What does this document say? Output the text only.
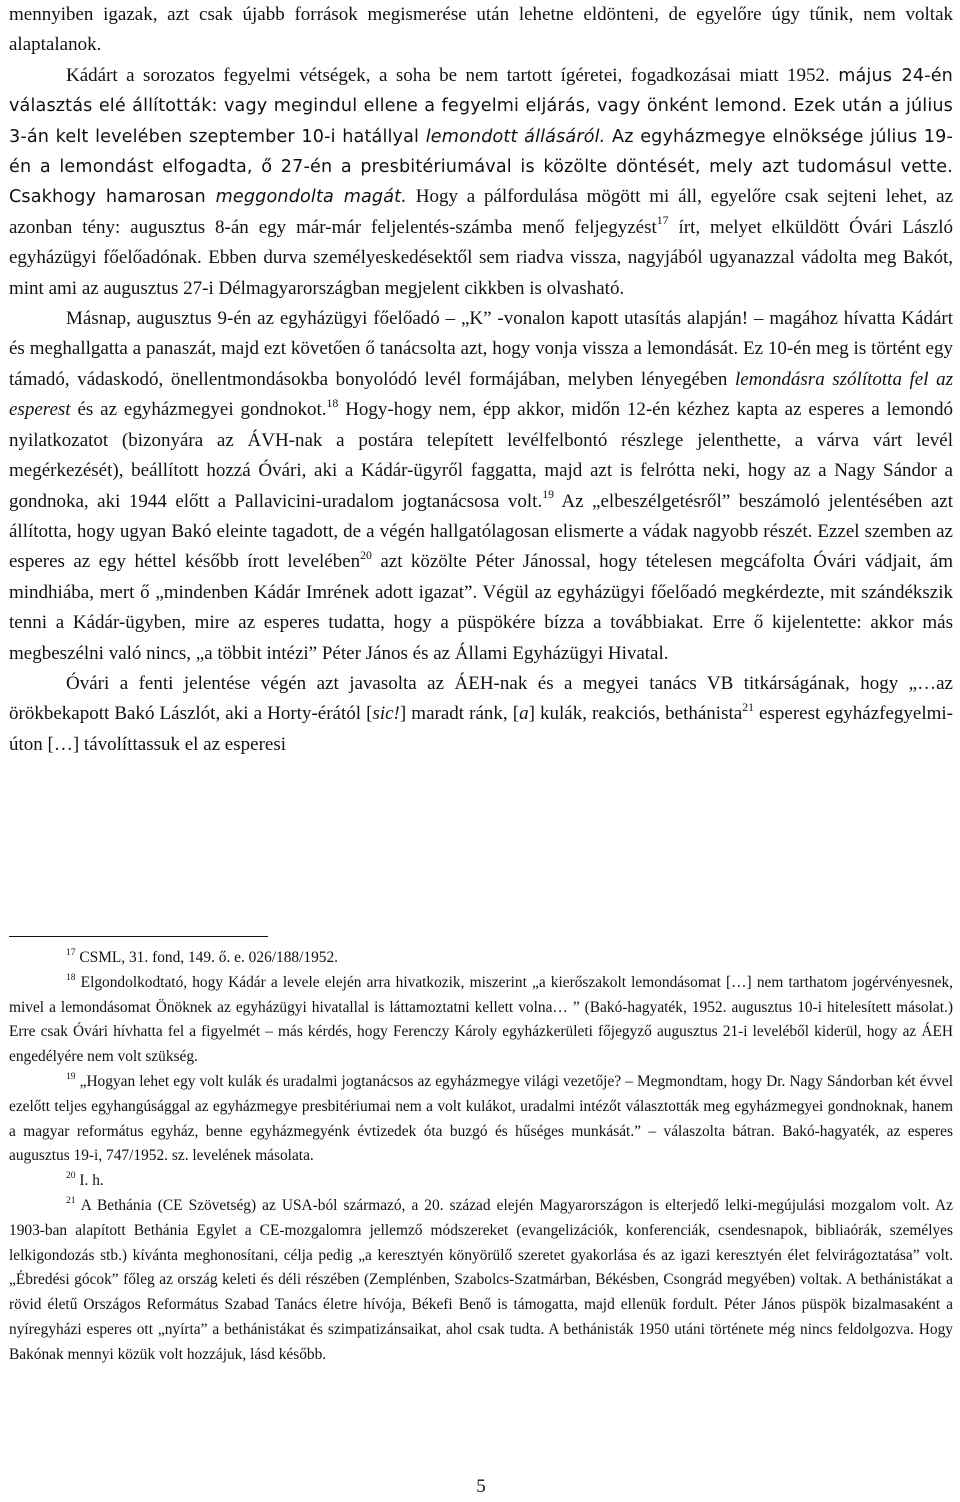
mennyiben igazak, azt csak újabb források megismerése után lehetne eldönteni, de egyelőre úgy tűnik, nem voltak alaptalanok.

Kádárt a sorozatos fegyelmi vétségek, a soha be nem tartott ígéretei, fogadkozásai miatt 1952. május 24-én választás elé állították: vagy megindul ellene a fegyelmi eljárás, vagy önként lemond. Ezek után a július 3-án kelt levelében szeptember 10-i hatállyal lemondott állásáról. Az egyházmegye elnöksége július 19-én a lemondást elfogadta, ő 27-én a presbitériumával is közölte döntését, mely azt tudomásul vette. Csakhogy hamarosan meggondolta magát. Hogy a pálfordulása mögött mi áll, egyelőre csak sejteni lehet, az azonban tény: augusztus 8-án egy már-már feljelentés-számba menő feljegyzést$^{17}$ írt, melyet elküldött Óvári László egyházügyi főelőadónak. Ebben durva személyeskedésektől sem riadva vissza, nagyjából ugyanazzal vádolta meg Bakót, mint ami az augusztus 27-i Délmagyarországban megjelent cikkben is olvasható.

Másnap, augusztus 9-én az egyházügyi főelőadó – „K” -vonalon kapott utasítás alapján! – magához hívatta Kádárt és meghallgatta a panaszát, majd ezt követően ő tanácsolta azt, hogy vonja vissza a lemondását. Ez 10-én meg is történt egy támadó, vádaskodó, önellentmondásokba bonyolódó levél formájában, melyben lényegében lemondásra szólította fel az esperest és az egyházmegyei gondnokot.$^{18}$ Hogy-hogy nem, épp akkor, midőn 12-én kézhez kapta az esperes a lemondó nyilatkozatot (bizonyára az ÁVH-nak a postára telepített levélfelbontó részlege jelenthette, a várva várt levél megérkezését), beállított hozzá Óvári, aki a Kádár-ügyről faggatta, majd azt is felrótta neki, hogy az a Nagy Sándor a gondnoka, aki 1944 előtt a Pallavicini-uradalom jogtanácsosa volt.$^{19}$ Az „elbeszélgetésről” beszámoló jelentésében azt állította, hogy ugyan Bakó eleinte tagadott, de a végén hallgatólagosan elismerte a vádak nagyobb részét. Ezzel szemben az esperes az egy héttel később írott levelében$^{20}$ azt közölte Péter Jánossal, hogy tételesen megcáfolta Óvári vádjait, ám mindhiába, mert ő „mindenben Kádár Imrének adott igazat”. Végül az egyházügyi főelőadó megkérdezte, mit szándékszik tenni a Kádár-ügyben, mire az esperes tudatta, hogy a püspökére bízza a továbbiakat. Erre ő kijelentette: akkor más megbeszélni való nincs, „a többit intézi” Péter János és az Állami Egyházügyi Hivatal.

Óvári a fenti jelentése végén azt javasolta az ÁEH-nak és a megyei tanács VB titkárságának, hogy „…az örökbekapott Bakó Lászlót, aki a Horty-érától [sic!] maradt ránk, [a] kulák, reakciós, bethánista$^{21}$ esperest egyházfegyelmi-úton […] távolíttassuk el az esperesi

$^{17}$ CSML, 31. fond, 149. ő. e. 026/188/1952.

$^{18}$ Elgondolkodtató, hogy Kádár a levele elején arra hivatkozik, miszerint „a kierőszakolt lemondásomat […] nem tarthatom jogérvényesnek, mivel a lemondásomat Önöknek az egyházügyi hivatallal is láttamoztatni kellett volna… ” (Bakó-hagyaték, 1952. augusztus 10-i hitelesített másolat.) Erre csak Óvári hívhatta fel a figyelmét – más kérdés, hogy Ferenczy Károly egyházkerületi főjegyző augusztus 21-i leveléből kiderül, hogy az ÁEH engedélyére nem volt szükség.

$^{19}$ „Hogyan lehet egy volt kulák és uradalmi jogtanácsos az egyházmegye világi vezetője? – Megmondtam, hogy Dr. Nagy Sándorban két évvel ezelőtt teljes egyhangúsággal az egyházmegye presbitériumai nem a volt kulákot, uradalmi intézőt választották meg egyházmegyei gondnoknak, hanem a magyar református egyház, benne egyházmegyénk évtizedek óta buzgó és hűséges munkását.” – válaszolta bátran. Bakó-hagyaték, az esperes augusztus 19-i, 747/1952. sz. levelének másolata.

$^{20}$ I. h.

$^{21}$ A Bethánia (CE Szövetség) az USA-ból származó, a 20. század elején Magyarországon is elterjedő lelki-megújulási mozgalom volt. Az 1903-ban alapított Bethánia Egylet a CE-mozgalomra jellemző módszereket (evangelizációk, konferenciák, csendesnapok, bibliaórák, személyes lelkigondozás stb.) kívánta meghonosítani, célja pedig „a keresztyén könyörülő szeretet gyakorlása és az igazi keresztyén élet felvirágoztatása” volt. „Ébredési gócok” főleg az ország keleti és déli részében (Zemplénben, Szabolcs-Szatmárban, Békésben, Csongrád megyében) voltak. A bethánistákat a rövid életű Országos Református Szabad Tanács életre hívója, Békefi Benő is támogatta, majd ellenük fordult. Péter János püspök bizalmasaként a nyíregyházi esperes ott „nyírta” a bethánistákat és szimpatizánsaikat, ahol csak tudta. A bethánisták 1950 utáni története még nincs feldolgozva. Hogy Bakónak mennyi közük volt hozzájuk, lásd később.

5
